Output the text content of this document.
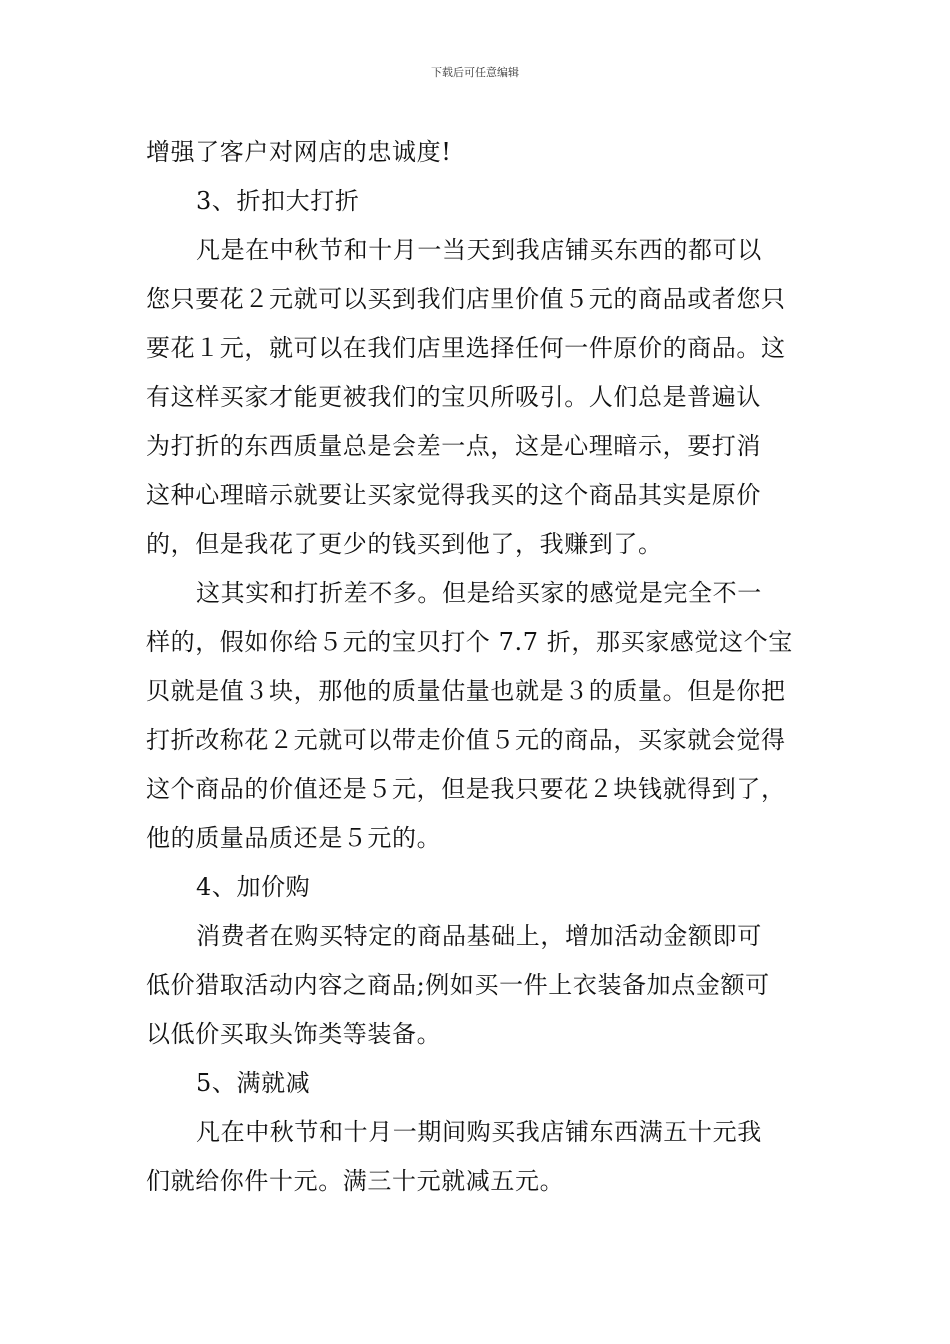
下载后可任意编辑
增强了客户对网店的忠诚度!
3、折扣大打折
凡是在中秋节和十月一当天到我店铺买东西的都可以
您只要花２元就可以买到我们店里价值５元的商品或者您只
要花１元，就可以在我们店里选择任何一件原价的商品。这
有这样买家才能更被我们的宝贝所吸引。人们总是普遍认
为打折的东西质量总是会差一点，这是心理暗示，要打消
这种心理暗示就要让买家觉得我买的这个商品其实是原价
的，但是我花了更少的钱买到他了，我赚到了。
这其实和打折差不多。但是给买家的感觉是完全不一
样的，假如你给５元的宝贝打个 7.7 折，那买家感觉这个宝
贝就是值３块，那他的质量估量也就是３的质量。但是你把
打折改称花２元就可以带走价值５元的商品，买家就会觉得
这个商品的价值还是５元，但是我只要花２块钱就得到了，
他的质量品质还是５元的。
4、加价购
消费者在购买特定的商品基础上，增加活动金额即可
低价猎取活动内容之商品;例如买一件上衣装备加点金额可
以低价买取头饰类等装备。
5、满就减
凡在中秋节和十月一期间购买我店铺东西满五十元我
们就给你件十元。满三十元就减五元。
